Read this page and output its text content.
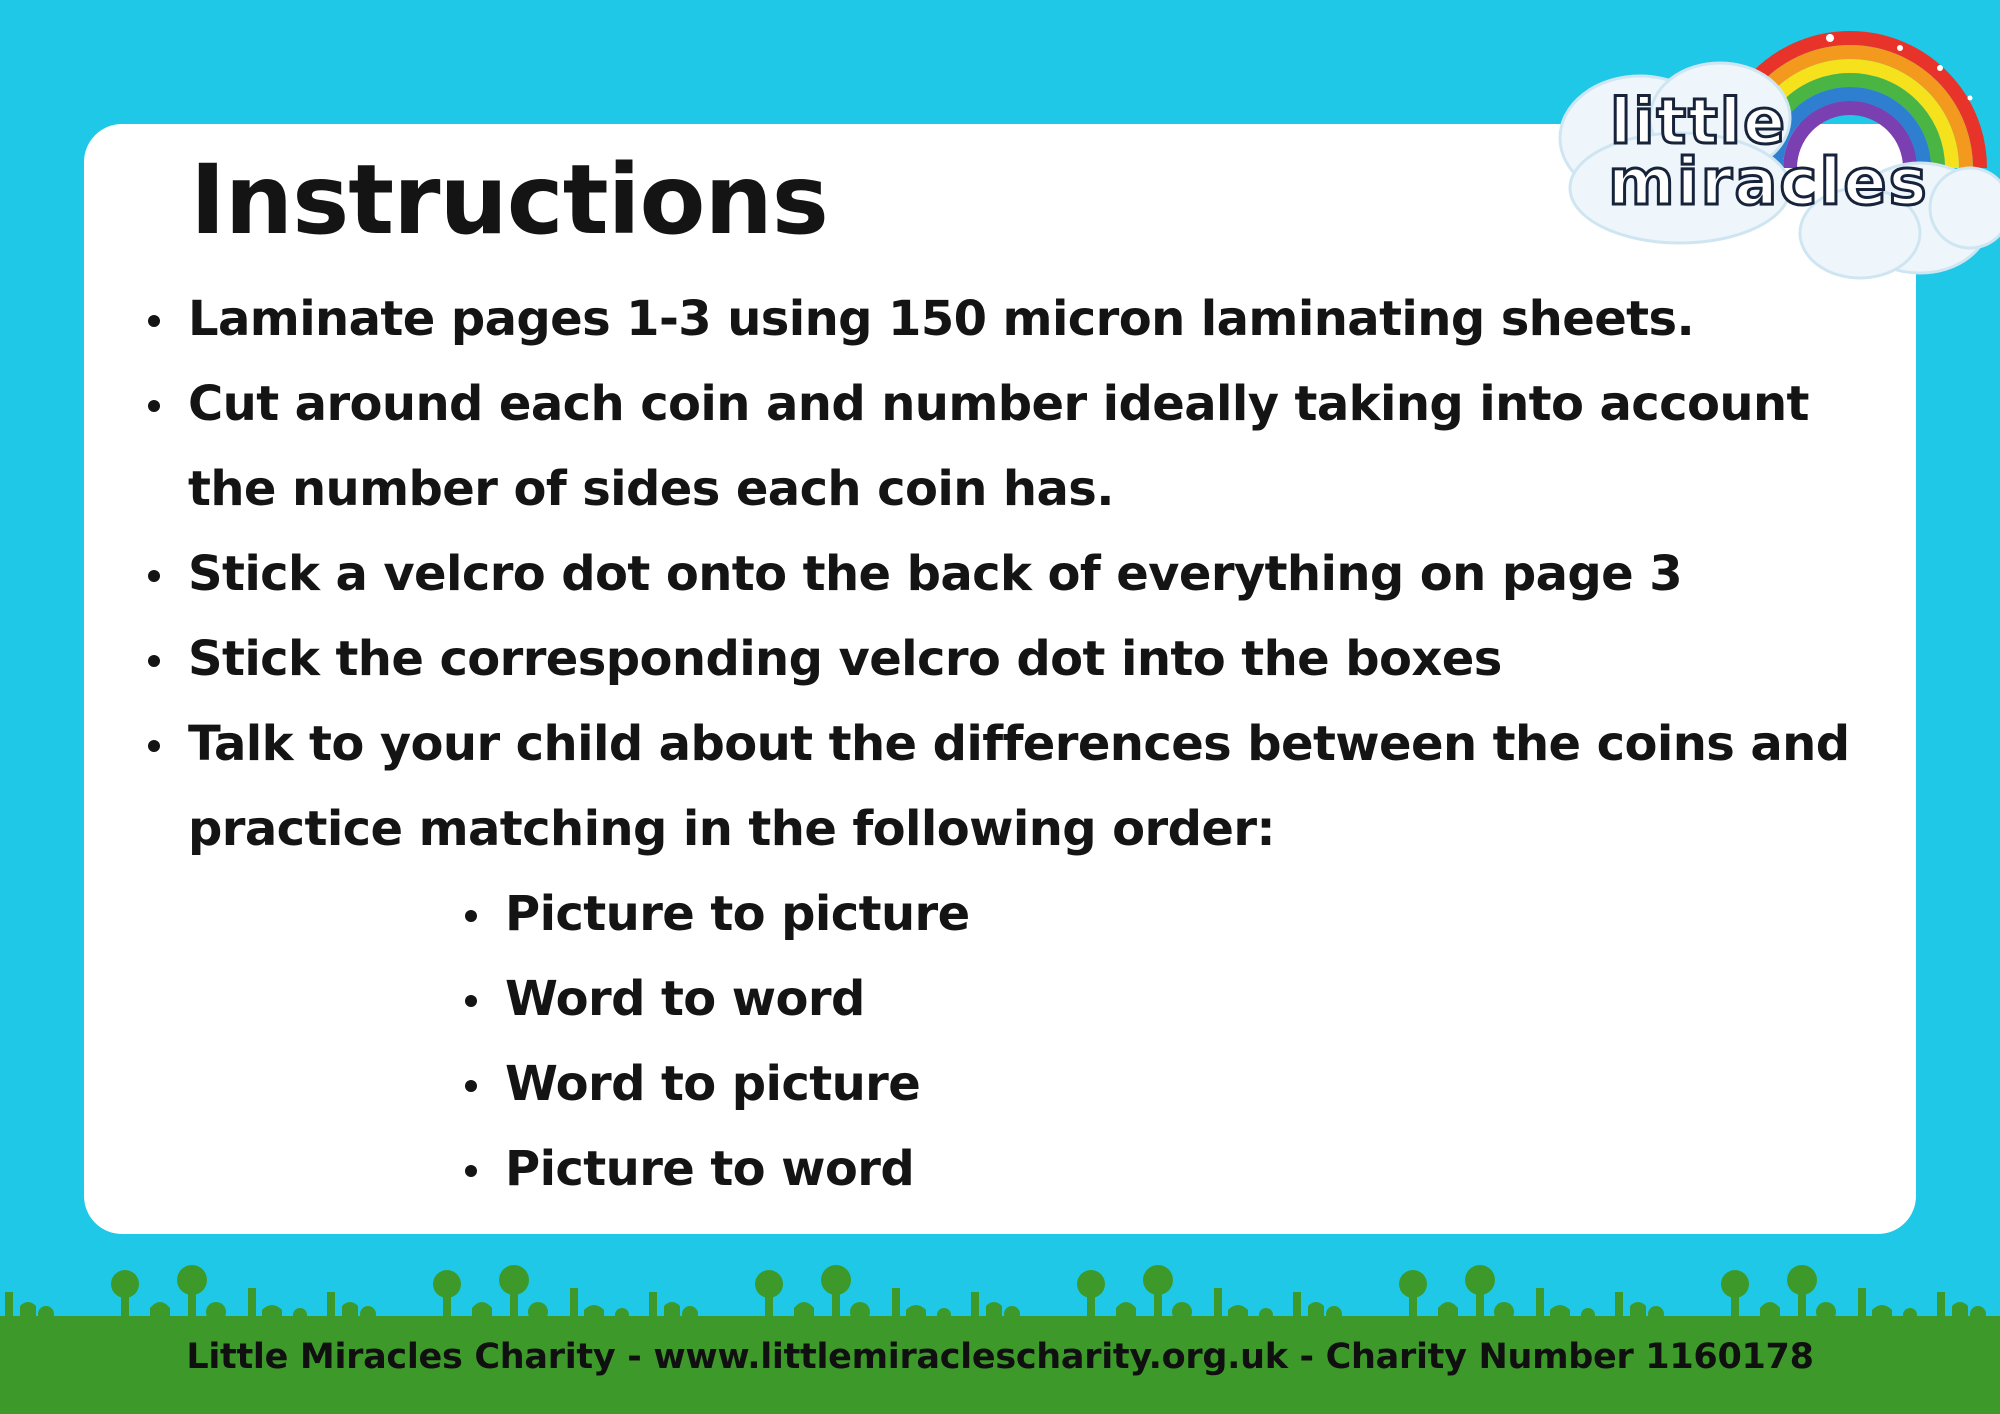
Instructions
little
miracles
Laminate pages 1-3 using 150 micron laminating sheets.
Cut around each coin and number ideally taking into account
the number of sides each coin has.
Stick a velcro dot onto the back of everything on page 3
Stick the corresponding velcro dot into the boxes
Talk to your child about the differences between the coins and
practice matching in the following order:
Picture to picture
Word to word
Word to picture
Picture to word
Little Miracles Charity - www.littlemiraclescharity.org.uk - Charity Number 1160178
